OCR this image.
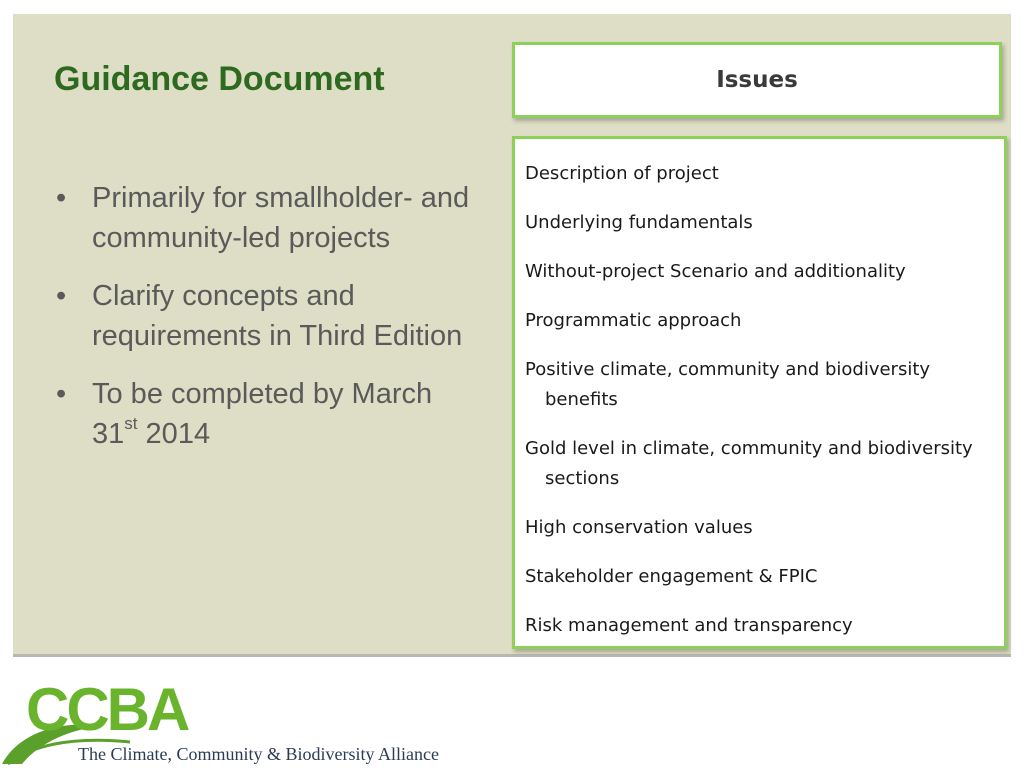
Guidance Document
• Primarily for smallholder- and community-led projects
• Clarify concepts and requirements in Third Edition
• To be completed by March 31st 2014
Issues
Description of project
Underlying fundamentals
Without-project Scenario and additionality
Programmatic approach
Positive climate, community and biodiversity benefits
Gold level in climate, community and biodiversity sections
High conservation values
Stakeholder engagement & FPIC
Risk management and transparency
CCBA
The Climate, Community & Biodiversity Alliance
